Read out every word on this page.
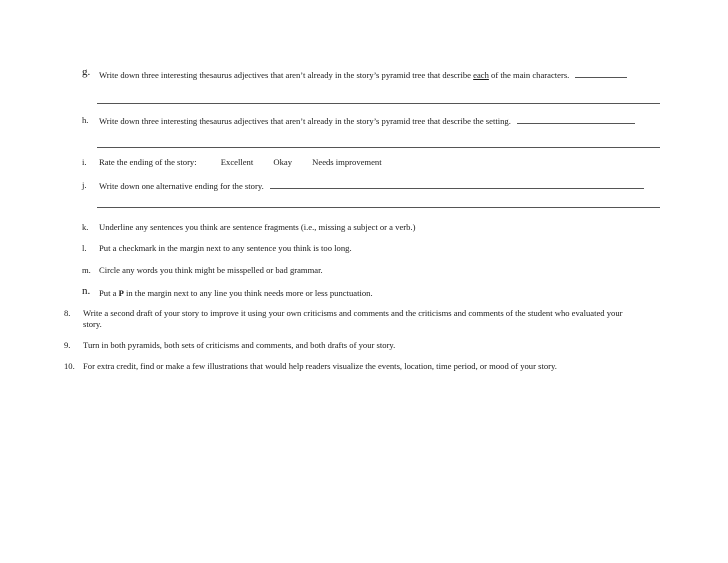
g. Write down three interesting thesaurus adjectives that aren’t already in the story’s pyramid tree that describe each of the main characters.
h. Write down three interesting thesaurus adjectives that aren’t already in the story’s pyramid tree that describe the setting.
i. Rate the ending of the story:	Excellent Okay Needs improvement
j. Write down one alternative ending for the story.
k. Underline any sentences you think are sentence fragments (i.e., missing a subject or a verb.)
l. Put a checkmark in the margin next to any sentence you think is too long.
m. Circle any words you think might be misspelled or bad grammar.
n. Put a P in the margin next to any line you think needs more or less punctuation.
8. Write a second draft of your story to improve it using your own criticisms and comments and the criticisms and comments of the student who evaluated your
story.
9. Turn in both pyramids, both sets of criticisms and comments, and both drafts of your story.
10. For extra credit, find or make a few illustrations that would help readers visualize the events, location, time period, or mood of your story.
